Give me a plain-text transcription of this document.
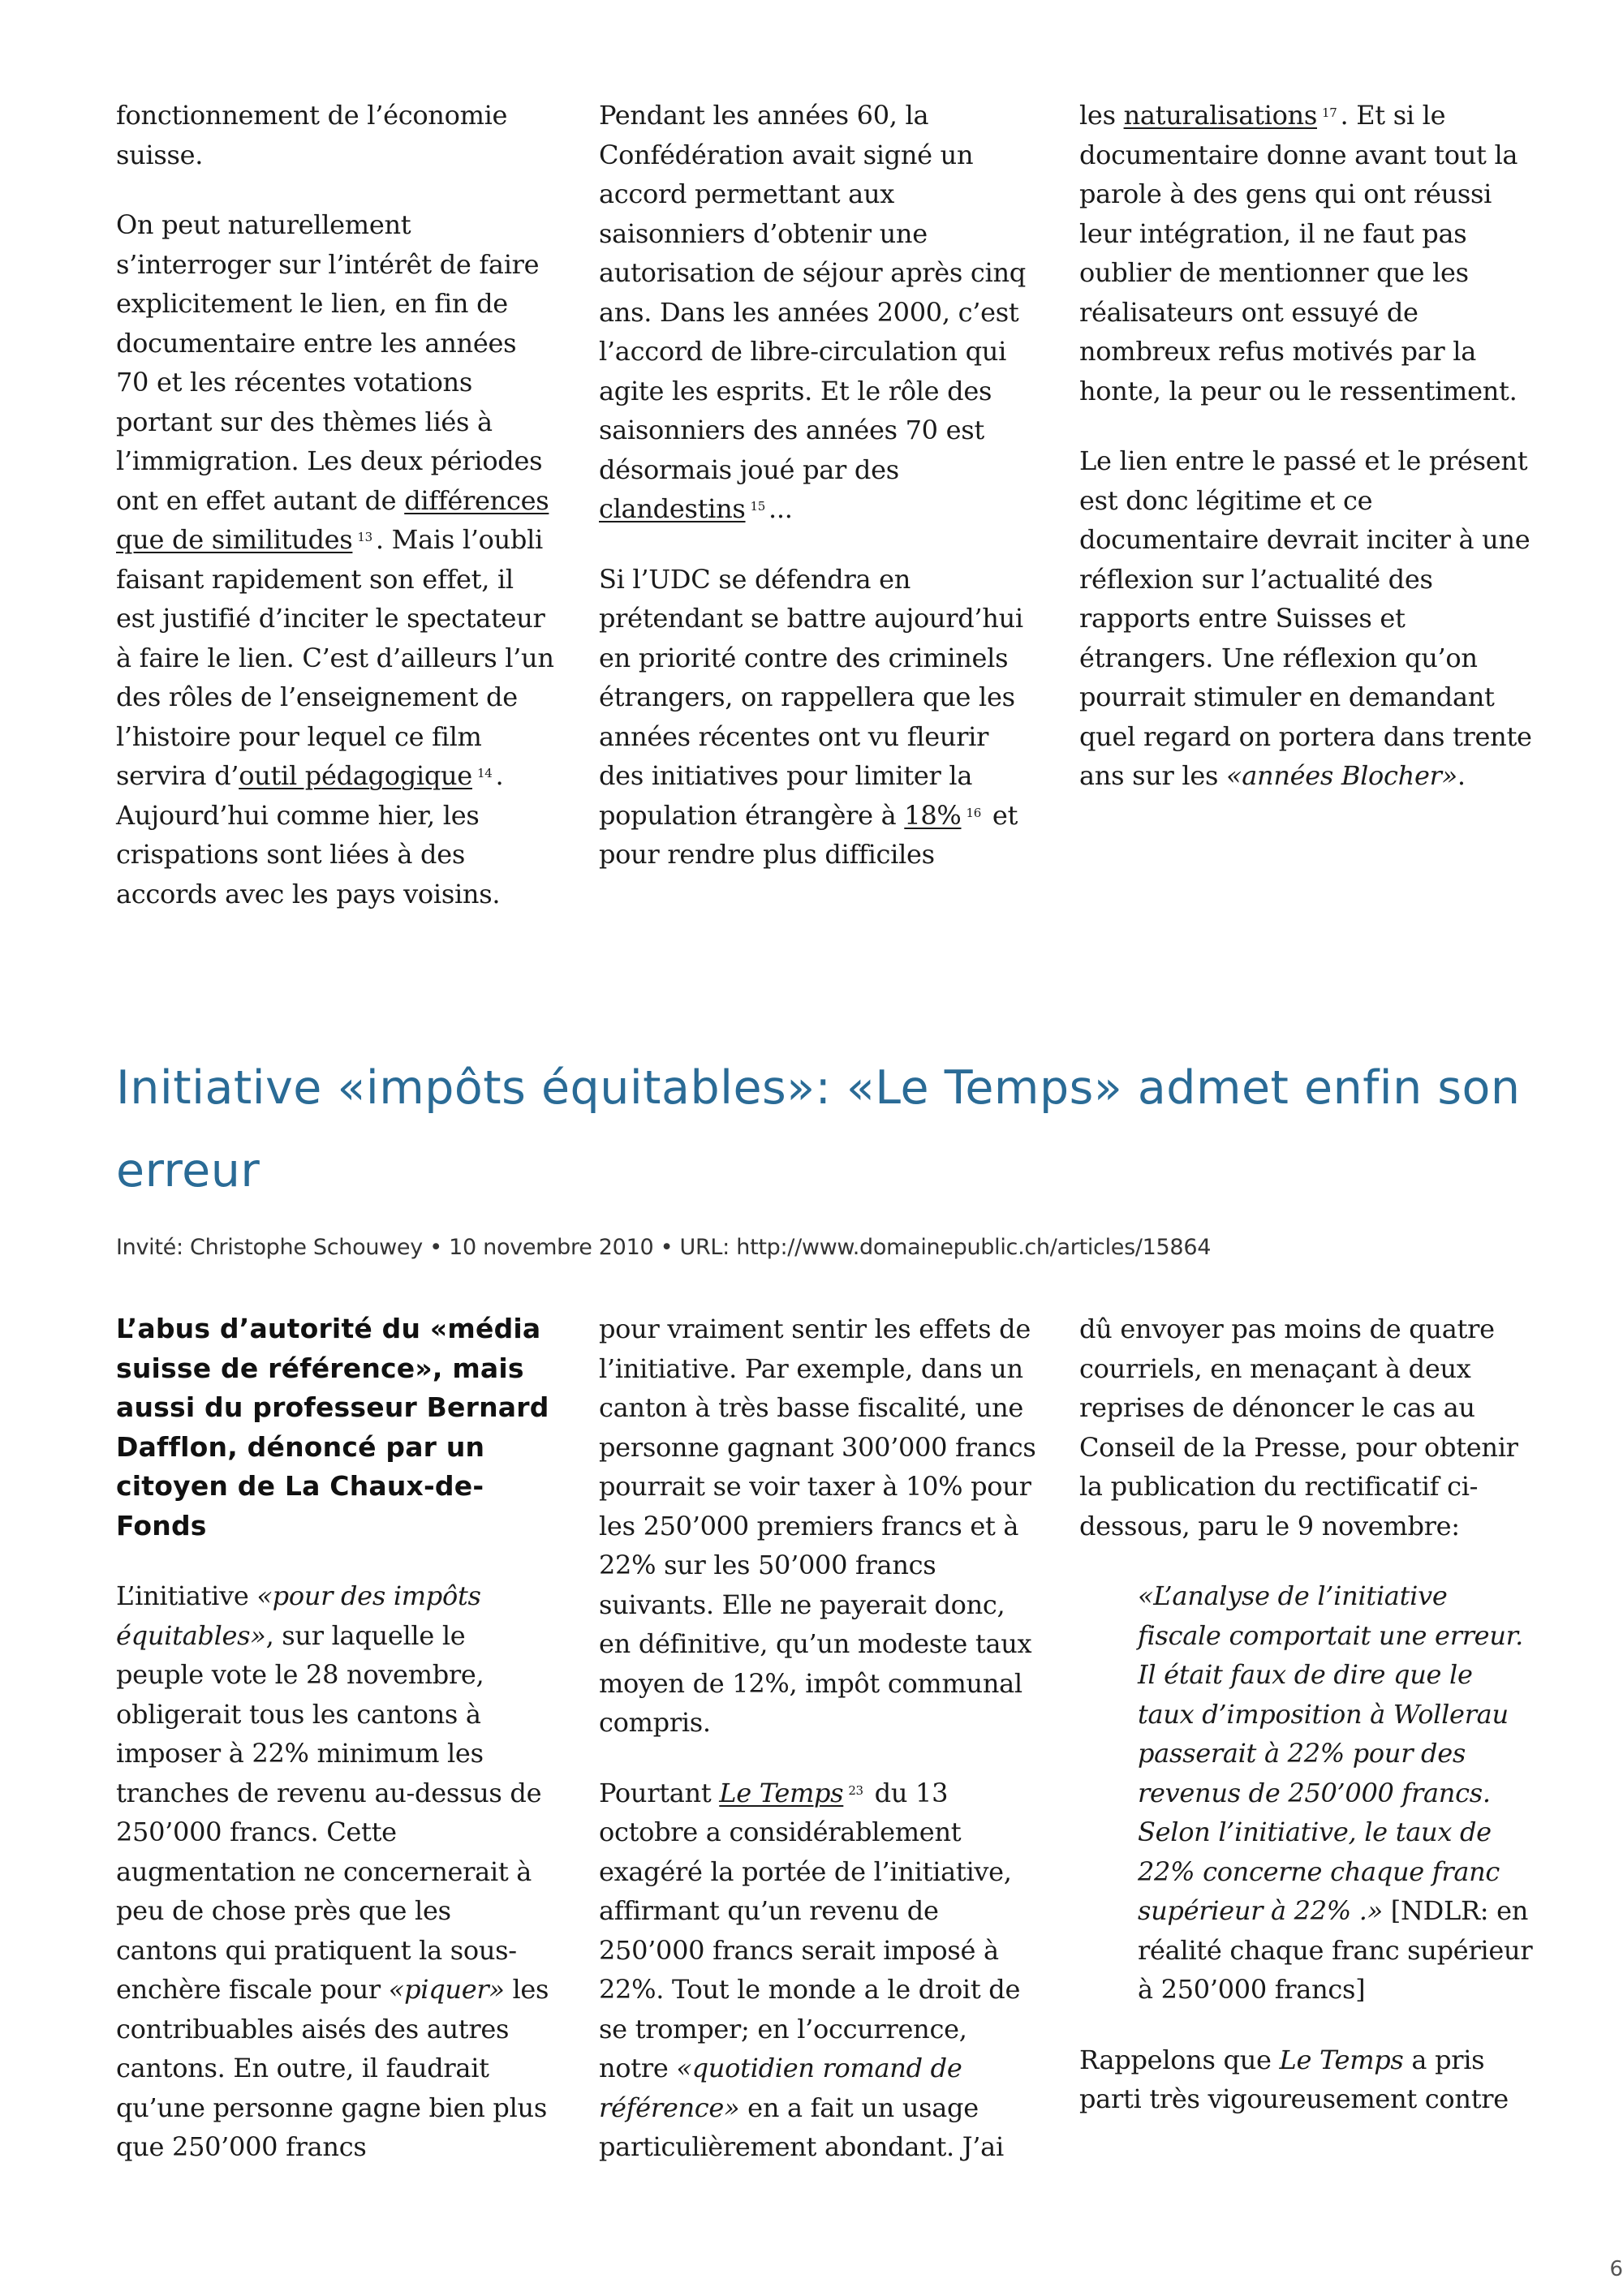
fonctionnement de l’économie suisse.

On peut naturellement s’interroger sur l’intérêt de faire explicitement le lien, en fin de documentaire entre les années 70 et les récentes votations portant sur des thèmes liés à l’immigration. Les deux périodes ont en effet autant de différences que de similitudes $^{13}$ . Mais l’oubli faisant rapidement son effet, il est justifié d’inciter le spectateur à faire le lien. C’est d’ailleurs l’un des rôles de l’enseignement de l’histoire pour lequel ce film servira d’outil pédagogique $^{14}$ . Aujourd’hui comme hier, les crispations sont liées à des accords avec les pays voisins.

Pendant les années 60, la Confédération avait signé un accord permettant aux saisonniers d’obtenir une autorisation de séjour après cinq ans. Dans les années 2000, c’est l’accord de libre-circulation qui agite les esprits. Et le rôle des saisonniers des années 70 est désormais joué par des clandestins $^{15}$ ...

Si l’UDC se défendra en prétendant se battre aujourd’hui en priorité contre des criminels étrangers, on rappellera que les années récentes ont vu fleurir des initiatives pour limiter la population étrangère à 18% $^{16}$ et pour rendre plus difficiles

les naturalisations $^{17}$ . Et si le documentaire donne avant tout la parole à des gens qui ont réussi leur intégration, il ne faut pas oublier de mentionner que les réalisateurs ont essuyé de nombreux refus motivés par la honte, la peur ou le ressentiment.

Le lien entre le passé et le présent est donc légitime et ce documentaire devrait inciter à une réflexion sur l’actualité des rapports entre Suisses et étrangers. Une réflexion qu’on pourrait stimuler en demandant quel regard on portera dans trente ans sur les «années Blocher».

Initiative «impôts équitables»: «Le Temps» admet enfin son erreur
Invité: Christophe Schouwey • 10 novembre 2010 • URL: http://www.domainepublic.ch/articles/15864

L’abus d’autorité du «média suisse de référence», mais aussi du professeur Bernard Dafflon, dénoncé par un citoyen de La Chaux-de-Fonds

L’initiative «pour des impôts équitables», sur laquelle le peuple vote le 28 novembre, obligerait tous les cantons à imposer à 22% minimum les tranches de revenu au-dessus de 250’000 francs. Cette augmentation ne concernerait à peu de chose près que les cantons qui pratiquent la sous-enchère fiscale pour «piquer» les contribuables aisés des autres cantons. En outre, il faudrait qu’une personne gagne bien plus que 250’000 francs

pour vraiment sentir les effets de l’initiative. Par exemple, dans un canton à très basse fiscalité, une personne gagnant 300’000 francs pourrait se voir taxer à 10% pour les 250’000 premiers francs et à 22% sur les 50’000 francs suivants. Elle ne payerait donc, en définitive, qu’un modeste taux moyen de 12%, impôt communal compris.

Pourtant Le Temps $^{23}$ du 13 octobre a considérablement exagéré la portée de l’initiative, affirmant qu’un revenu de 250’000 francs serait imposé à 22%. Tout le monde a le droit de se tromper; en l’occurrence, notre «quotidien romand de référence» en a fait un usage particulièrement abondant. J’ai

dû envoyer pas moins de quatre courriels, en menaçant à deux reprises de dénoncer le cas au Conseil de la Presse, pour obtenir la publication du rectificatif ci-dessous, paru le 9 novembre:

«L’analyse de l’initiative fiscale comportait une erreur. Il était faux de dire que le taux d’imposition à Wollerau passerait à 22% pour des revenus de 250’000 francs. Selon l’initiative, le taux de 22% concerne chaque franc supérieur à 22% .» [NDLR: en réalité chaque franc supérieur à 250’000 francs]

Rappelons que Le Temps a pris parti très vigoureusement contre

6
